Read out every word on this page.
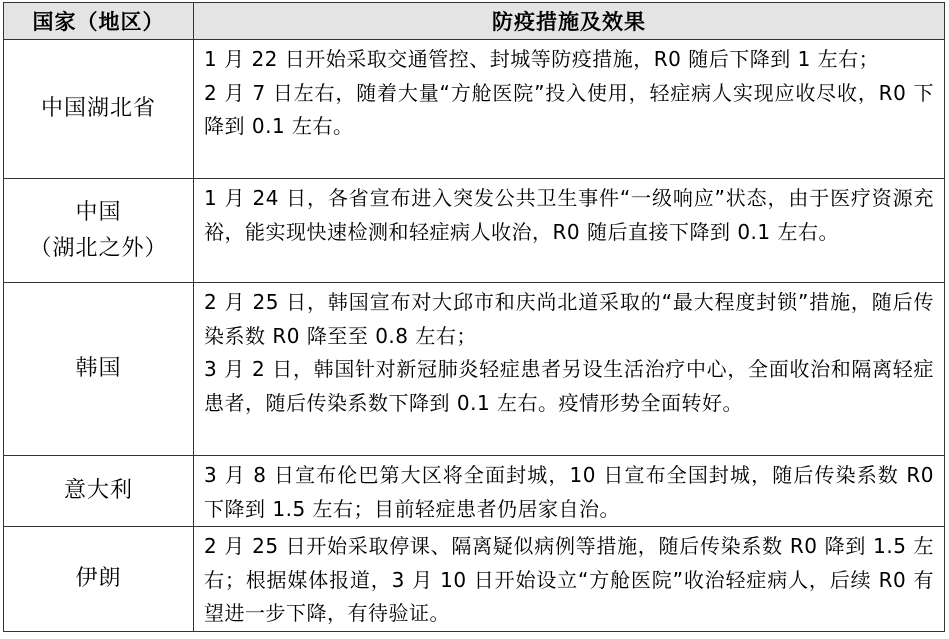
国家（地区）	防疫措施及效果

中国湖北省	1 月 22 日开始采取交通管控、封城等防疫措施，R0 随后下降到 1 左右；

2 月 7 日左右，随着大量“方舱医院”投入使用，轻症病人实现应收尽收，R0 下降到 0.1 左右。

中国
（湖北之外）	1 月 24 日，各省宣布进入突发公共卫生事件“一级响应”状态，由于医疗资源充裕，能实现快速检测和轻症病人收治，R0 随后直接下降到 0.1 左右。

韩国	2 月 25 日，韩国宣布对大邱市和庆尚北道采取的“最大程度封锁”措施，随后传染系数 R0 降至至 0.8 左右；

3 月 2 日，韩国针对新冠肺炎轻症患者另设生活治疗中心，全面收治和隔离轻症患者，随后传染系数下降到 0.1 左右。疫情形势全面转好。

意大利	3 月 8 日宣布伦巴第大区将全面封城，10 日宣布全国封城，随后传染系数 R0 下降到 1.5 左右；目前轻症患者仍居家自治。

伊朗	2 月 25 日开始采取停课、隔离疑似病例等措施，随后传染系数 R0 降到 1.5 左右；根据媒体报道，3 月 10 日开始设立“方舱医院”收治轻症病人，后续 R0 有望进一步下降，有待验证。
